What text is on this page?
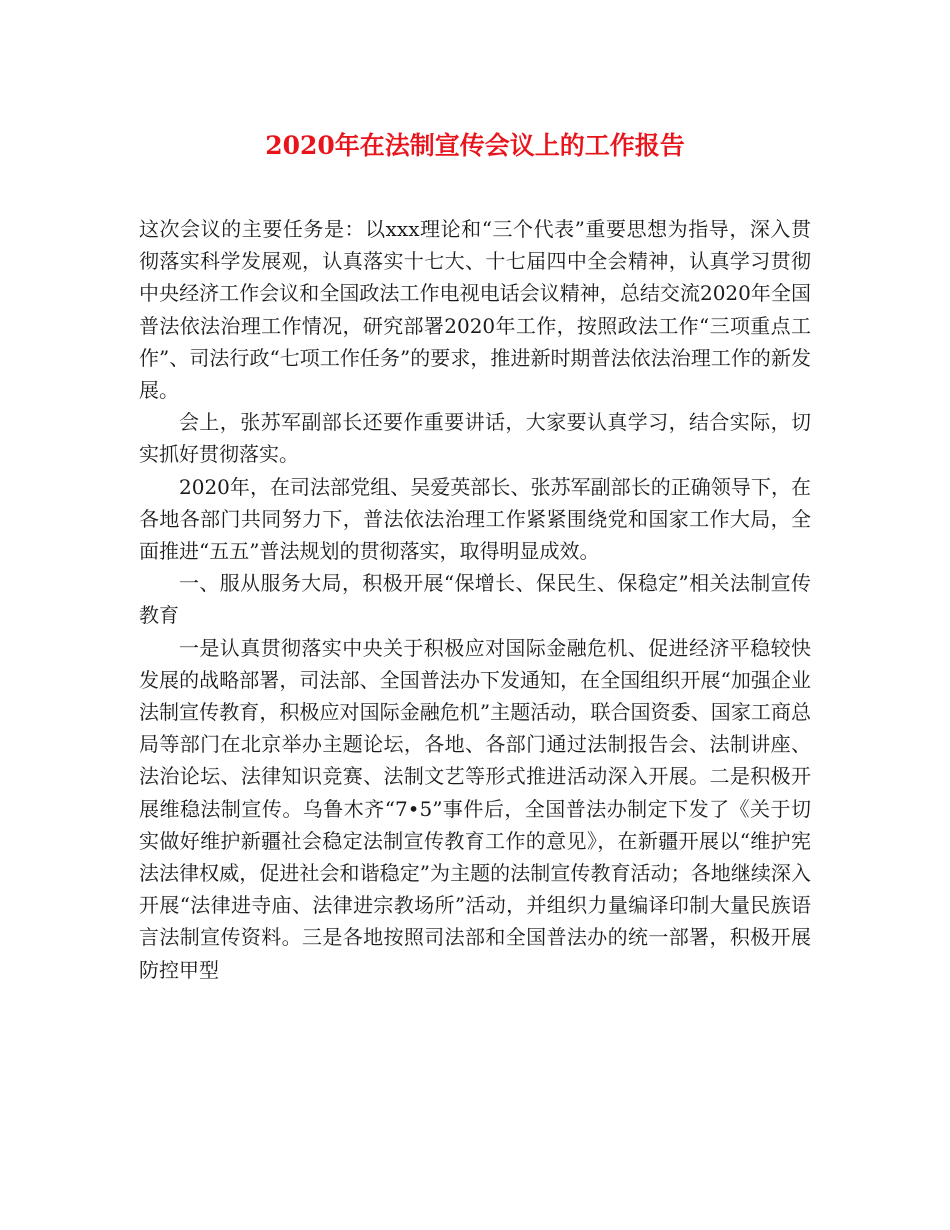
2020年在法制宣传会议上的工作报告

这次会议的主要任务是：以xxx理论和“三个代表”重要思想为指导，深入贯彻落实科学发展观，认真落实十七大、十七届四中全会精神，认真学习贯彻中央经济工作会议和全国政法工作电视电话会议精神，总结交流2020年全国普法依法治理工作情况，研究部署2020年工作，按照政法工作“三项重点工作”、司法行政“七项工作任务”的要求，推进新时期普法依法治理工作的新发展。

会上，张苏军副部长还要作重要讲话，大家要认真学习，结合实际，切实抓好贯彻落实。

2020年，在司法部党组、吴爱英部长、张苏军副部长的正确领导下，在各地各部门共同努力下，普法依法治理工作紧紧围绕党和国家工作大局，全面推进“五五”普法规划的贯彻落实，取得明显成效。

一、服从服务大局，积极开展“保增长、保民生、保稳定”相关法制宣传教育

一是认真贯彻落实中央关于积极应对国际金融危机、促进经济平稳较快发展的战略部署，司法部、全国普法办下发通知，在全国组织开展“加强企业法制宣传教育，积极应对国际金融危机”主题活动，联合国资委、国家工商总局等部门在北京举办主题论坛，各地、各部门通过法制报告会、法制讲座、法治论坛、法律知识竞赛、法制文艺等形式推进活动深入开展。二是积极开展维稳法制宣传。乌鲁木齐“7•5”事件后，全国普法办制定下发了《关于切实做好维护新疆社会稳定法制宣传教育工作的意见》，在新疆开展以“维护宪法法律权威，促进社会和谐稳定”为主题的法制宣传教育活动；各地继续深入开展“法律进寺庙、法律进宗教场所”活动，并组织力量编译印制大量民族语言法制宣传资料。三是各地按照司法部和全国普法办的统一部署，积极开展防控甲型
